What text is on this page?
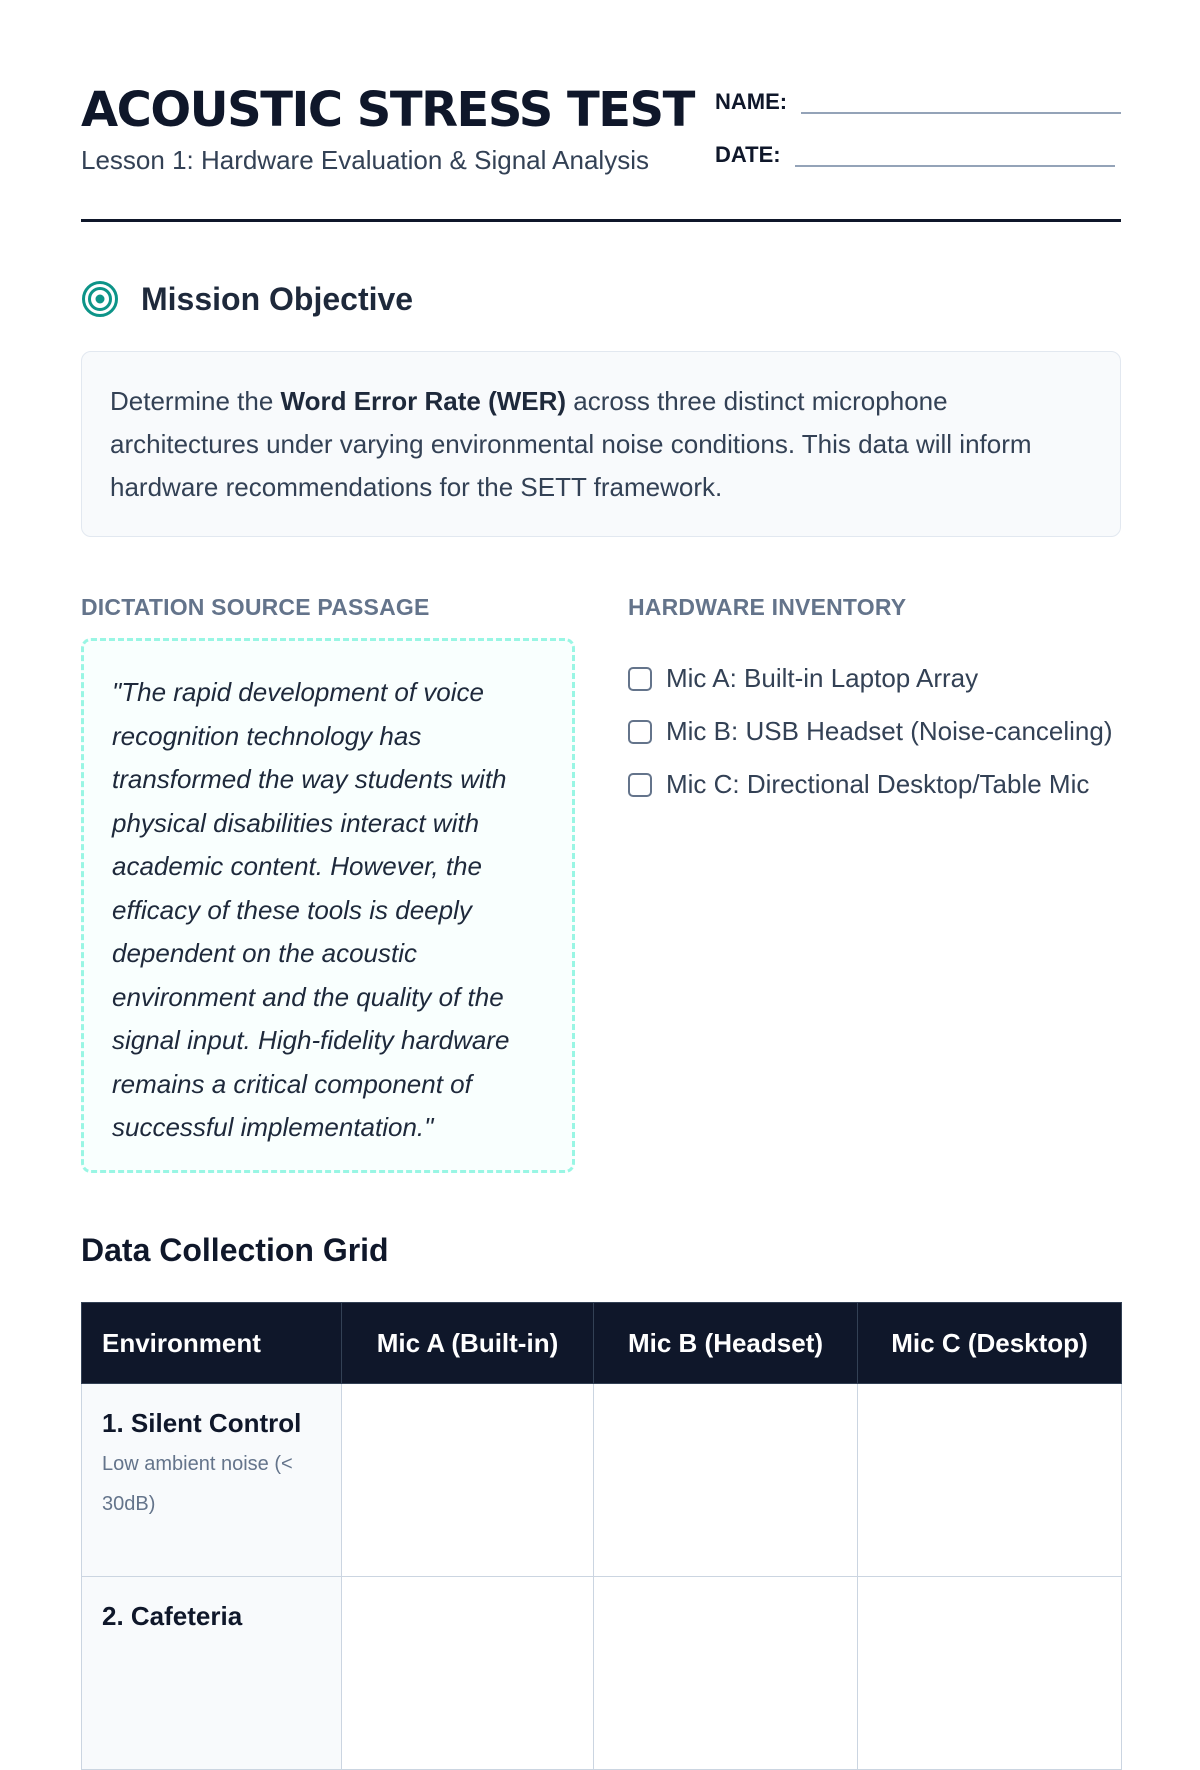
ACOUSTIC STRESS TEST

Lesson 1: Hardware Evaluation & Signal Analysis

NAME:
DATE:
Mission Objective
Determine the Word Error Rate (WER) across three distinct microphone architectures under varying environmental noise conditions. This data will inform hardware recommendations for the SETT framework.
DICTATION SOURCE PASSAGE
"The rapid development of voice recognition technology has transformed the way students with physical disabilities interact with academic content. However, the efficacy of these tools is deeply dependent on the acoustic environment and the quality of the signal input. High-fidelity hardware remains a critical component of successful implementation."
HARDWARE INVENTORY
Mic A: Built-in Laptop Array
Mic B: USB Headset (Noise-canceling)
Mic C: Directional Desktop/Table Mic
Data Collection Grid
Environment	Mic A (Built-in)	Mic B (Headset)	Mic C (Desktop)

1. Silent Control
Low ambient noise (< 30dB)			

2. Cafeteria			
